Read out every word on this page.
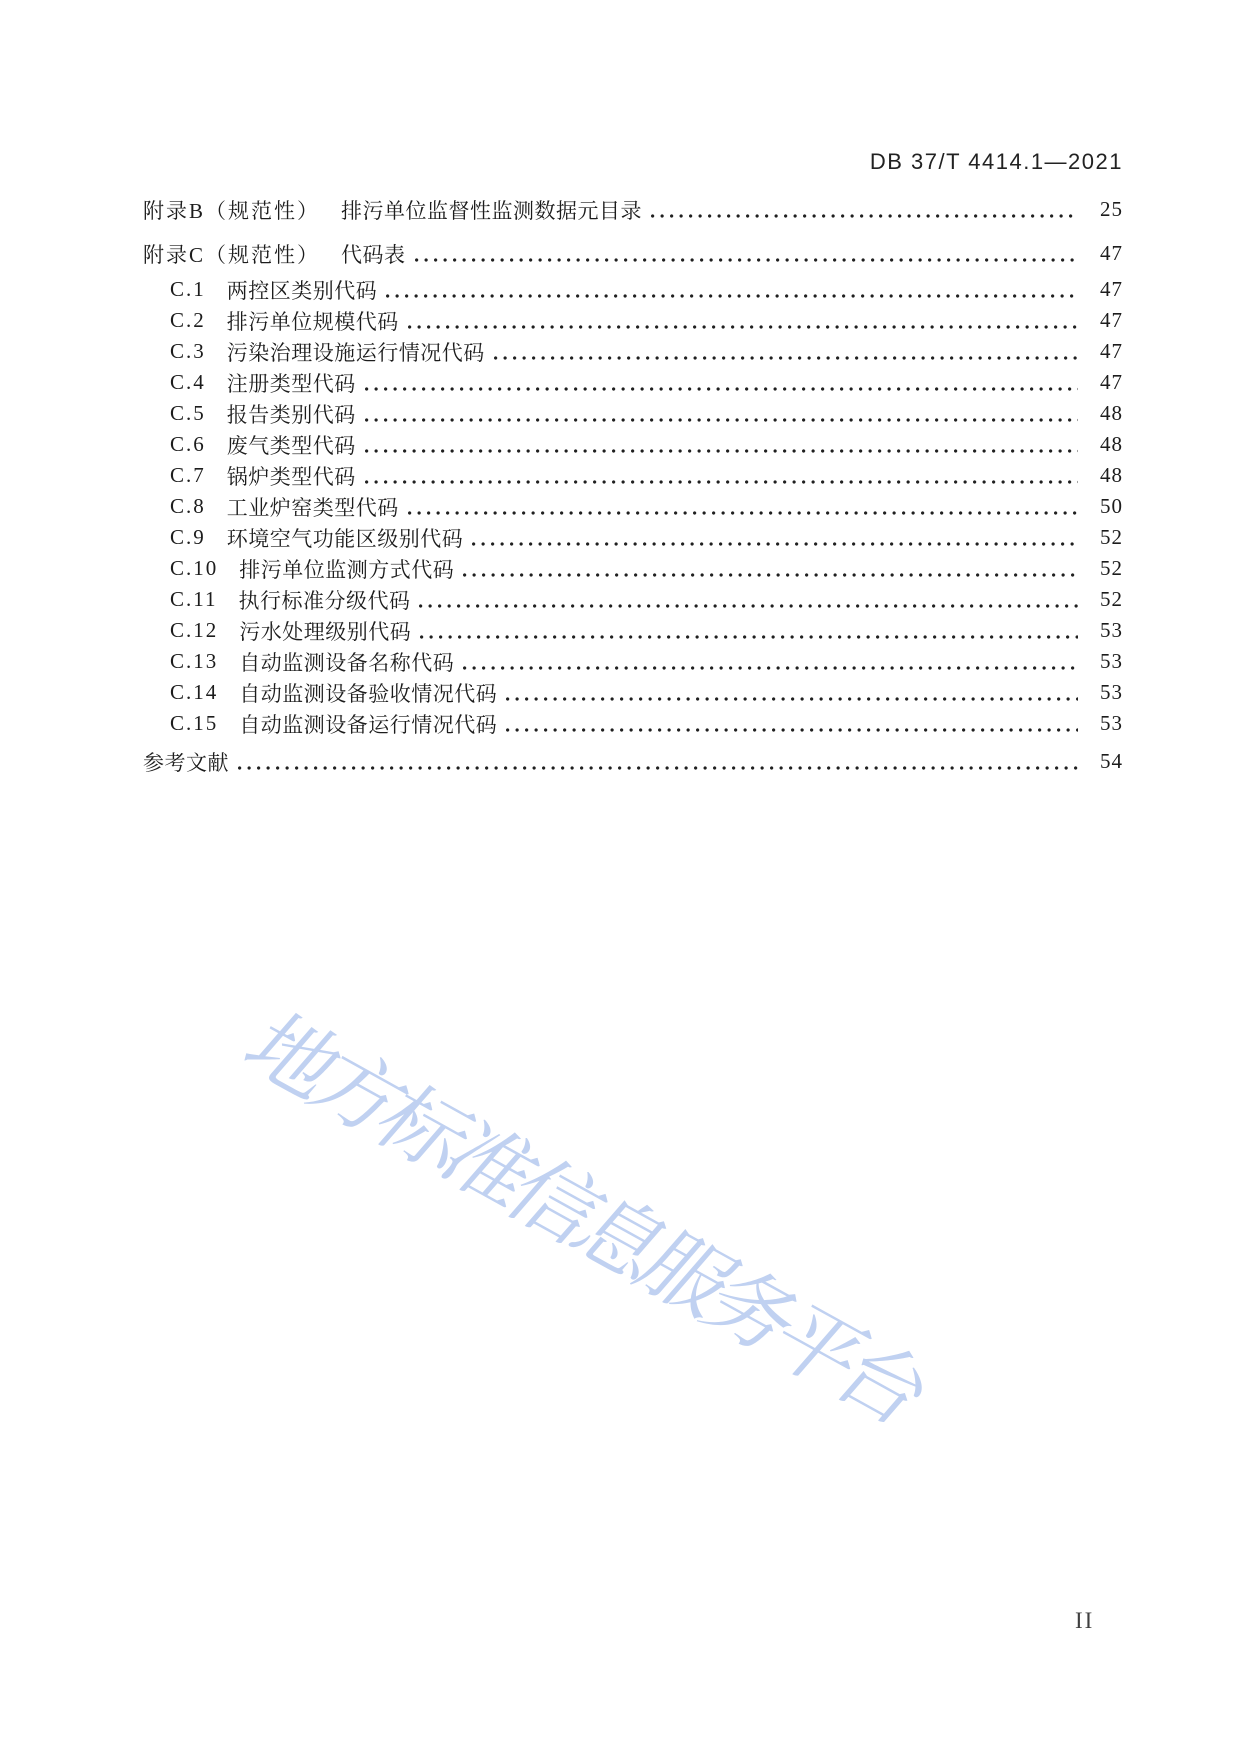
DB 37/T 4414.1—2021
附录B（规范性） 排污单位监督性监测数据元目录	25
附录C（规范性） 代码表	47
C.1 两控区类别代码	47
C.2 排污单位规模代码	47
C.3 污染治理设施运行情况代码	47
C.4 注册类型代码	47
C.5 报告类别代码	48
C.6 废气类型代码	48
C.7 锅炉类型代码	48
C.8 工业炉窑类型代码	50
C.9 环境空气功能区级别代码	52
C.10 排污单位监测方式代码	52
C.11 执行标准分级代码	52
C.12 污水处理级别代码	53
C.13 自动监测设备名称代码	53
C.14 自动监测设备验收情况代码	53
C.15 自动监测设备运行情况代码	53
参考文献	54
地方标准信息服务平台
II
